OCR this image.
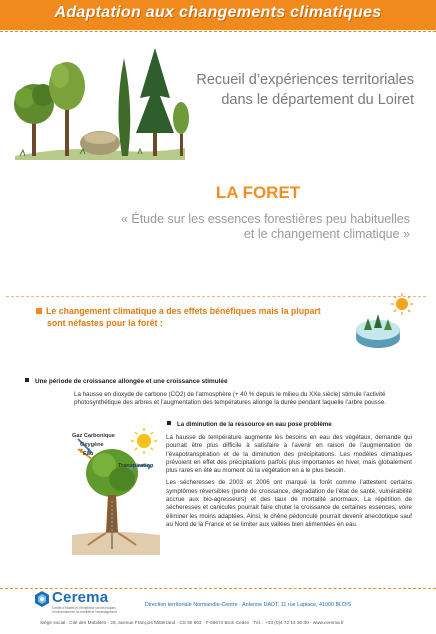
Adaptation aux changements climatiques
Recueil d’expériences territoriales
dans le département du Loiret
LA FORET
« Étude sur les essences forestières peu habituelles
et le changement climatique »
Le changement climatique a des effets bénéfiques mais la plupart
sont néfastes pour la forêt :
Une période de croissance allongée et une croissance stimulée
La hausse en dioxyde de carbone (CO2) de l’atmosphère (+ 40 % depuis le milieu du XXe siècle) stimule l’activité photosynthétique des arbres et l’augmentation des températures allonge la durée pendant laquelle l’arbre pousse.
La diminution de la ressource en eau pose problème

La hausse de température augmente les besoins en eau des végétaux, demande qui pourrait être plus difficile à satisfaire à l’avenir en raison de l’augmentation de l’évapotranspiration et de la diminution des précipitations. Les modèles climatiques prévoient en effet des précipitations parfois plus importantes en hiver, mais globalement plus rares en été au moment où la végétation en a le plus besoin.

Les sécheresses de 2003 et 2006 ont marqué la forêt comme l’attestent certains symptômes réversibles (perte de croissance, dégradation de l’état de santé, vulnérabilité accrue aux bio-agresseurs) et des taux de mortalité anormaux. La répétition de sécheresses et canicules pourrait faire chuter la croissance de certaines essences, voire éliminer les moins adaptées. Ainsi, le chêne pédonculé pourrait devenir anecdotique sauf au Nord de la France et se limiter aux vallées bien alimentées en eau.

Gaz Carbonique
Oxygène
Eau
Transpiration
Cerema
Centre d’études et d’expertise sur les risques, l’environnement, la mobilité et l’aménagement
Direction territoriale Normandie-Centre · Antenne DADT, 11 rue Laplace, 41000 BLOIS
Siège social : Cité des Mobilités · 25, avenue François Mitterrand · CS 92 803 · F-69674 Bron Cedex · Tél. : +33 (0)4 72 14 30 30 · www.cerema.fr
